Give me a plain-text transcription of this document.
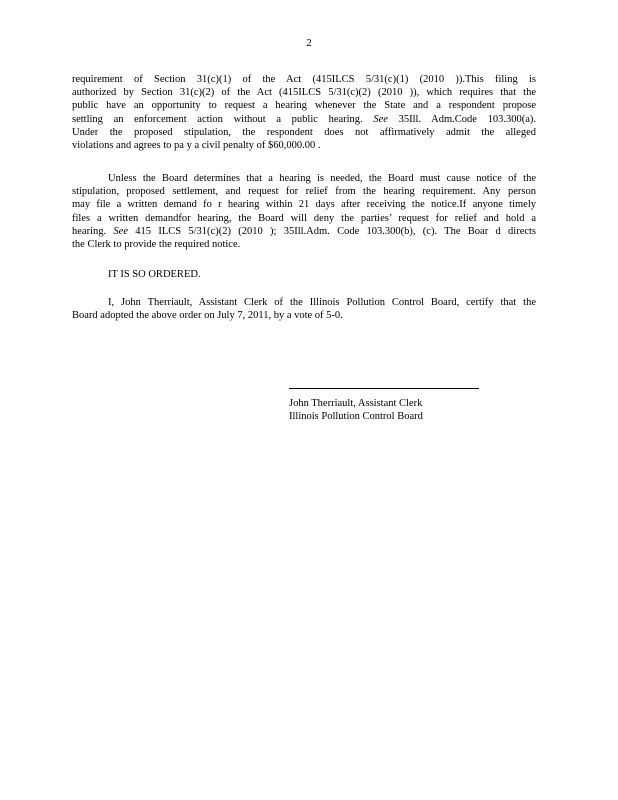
2
requirement of Section 31(c)(1) of the Act (415ILCS 5/31(c)(1) (2010 )).This filing is
authorized by Section 31(c)(2) of the Act (415ILCS 5/31(c)(2) (2010 )), which requires that the
public have an opportunity to request a hearing whenever the State and a respondent propose
settling an enforcement action without a public hearing. See 35Ill. Adm.Code 103.300(a).
Under the proposed stipulation, the respondent does not affirmatively admit the alleged
violations and agrees to pa y a civil penalty of $60,000.00 .
Unless the Board determines that a hearing is needed, the Board must cause notice of the
stipulation, proposed settlement, and request for relief from the hearing requirement. Any person
may file a written demand fo r hearing within 21 days after receiving the notice.If anyone timely
files a written demandfor hearing, the Board will deny the parties’ request for relief and hold a
hearing. See 415 ILCS 5/31(c)(2) (2010 ); 35Ill.Adm. Code 103.300(b), (c). The Boar d directs
the Clerk to provide the required notice.
IT IS SO ORDERED.
I, John Therriault, Assistant Clerk of the Illinois Pollution Control Board, certify that the
Board adopted the above order on July 7, 2011, by a vote of 5-0.
John Therriault, Assistant Clerk
Illinois Pollution Control Board
